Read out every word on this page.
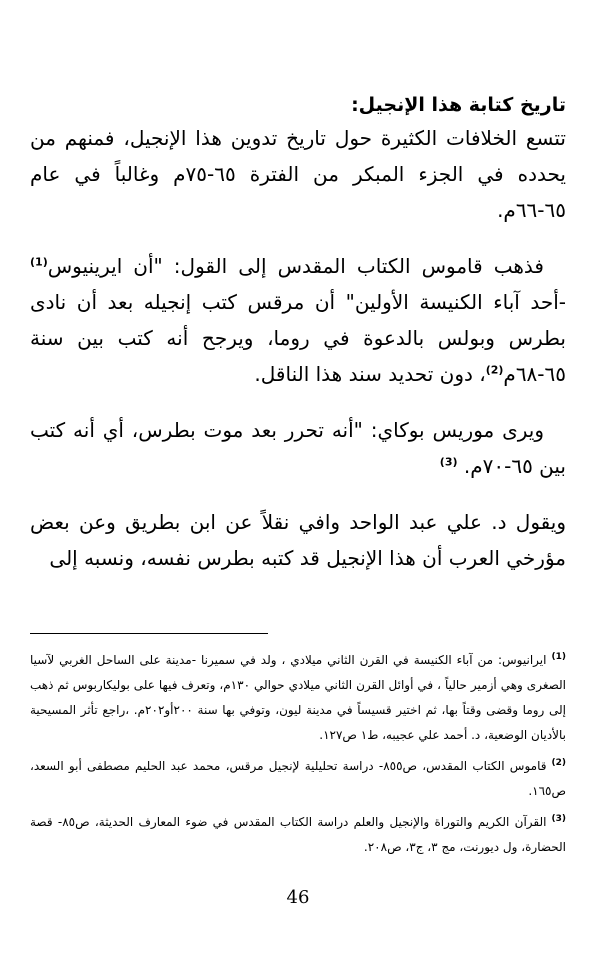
تاريخ كتابة هذا الإنجيل:

تتسع الخلافات الكثيرة حول تاريخ تدوين هذا الإنجيل، فمنهم من يحدده في الجزء المبكر من الفترة ٦٥-٧٥م وغالباً في عام ٦٥-٦٦م.

فذهب قاموس الكتاب المقدس إلى القول: "أن ايرينيوس$^{(1)}$ -أحد آباء الكنيسة الأولين" أن مرقس كتب إنجيله بعد أن نادى بطرس وبولس بالدعوة في روما، ويرجح أنه كتب بين سنة ٦٥-٦٨م$^{(2)}$، دون تحديد سند هذا الناقل.

ويرى موريس بوكاي: "أنه تحرر بعد موت بطرس، أي أنه كتب بين ٦٥-٧٠م. $^{(3)}$

ويقول د. علي عبد الواحد وافي نقلاً عن ابن بطريق وعن بعض مؤرخي العرب أن هذا الإنجيل قد كتبه بطرس نفسه، ونسبه إلى

$^{(1)}$ايرانيوس: من آباء الكنيسة في القرن الثاني ميلادي ، ولد في سميرنا -مدينة على الساحل الغربي لآسيا الصغرى وهي أزمير حالياً ، في أوائل القرن الثاني ميلادي حوالي ١٣٠م، وتعرف فيها على بوليكاربوس ثم ذهب إلى روما وقضى وقتاً بها، ثم اختير قسيساً في مدينة ليون، وتوفي بها سنة ٢٠٠أو٢٠٢م. ،راجع تأثر المسيحية بالأديان الوضعية، د. أحمد علي عجيبه، ط١ ص١٢٧.

$^{(2)}$قاموس الكتاب المقدس، ص٨٥٥- دراسة تحليلية لإنجيل مرقس، محمد عبد الحليم مصطفى أبو السعد، ص١٦٥.

$^{(3)}$القرآن الكريم والتوراة والإنجيل والعلم دراسة الكتاب المقدس في ضوء المعارف الحديثة، ص٨٥- قصة الحضارة، ول ديورنت، مج ٣، ج٣، ص٢٠٨.

46
